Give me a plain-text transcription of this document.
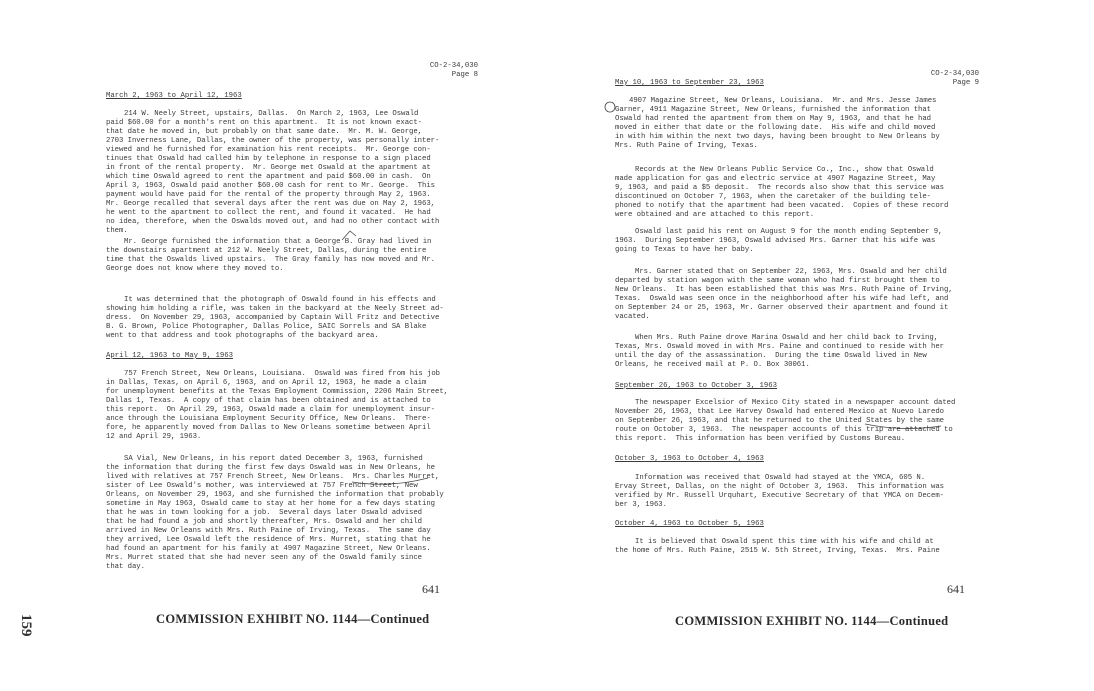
CO-2-34,030
Page 8
March 2, 1963 to April 12, 1963

214 W. Neely Street, upstairs, Dallas.  On March 2, 1963, Lee Oswald
paid $60.00 for a month's rent on this apartment.  It is not known exact-
that date he moved in, but probably on that same date.  Mr. M. W. George,
2703 Inverness Lane, Dallas, the owner of the property, was personally inter-
viewed and he furnished for examination his rent receipts.  Mr. George con-
tinues that Oswald had called him by telephone in response to a sign placed
in front of the rental property.  Mr. George met Oswald at the apartment at
which time Oswald agreed to rent the apartment and paid $60.00 in cash.  On
April 3, 1963, Oswald paid another $60.00 cash for rent to Mr. George.  This
payment would have paid for the rental of the property through May 2, 1963.
Mr. George recalled that several days after the rent was due on May 2, 1963,
he went to the apartment to collect the rent, and found it vacated.  He had
no idea, therefore, when the Oswalds moved out, and had no other contact with
them.

Mr. George furnished the information that a George B. Gray had lived in
the downstairs apartment at 212 W. Neely Street, Dallas, during the entire
time that the Oswalds lived upstairs.  The Gray family has now moved and Mr.
George does not know where they moved to.

It was determined that the photograph of Oswald found in his effects and
showing him holding a rifle, was taken in the backyard at the Neely Street ad-
dress.  On November 29, 1963, accompanied by Captain Will Fritz and Detective
B. G. Brown, Police Photographer, Dallas Police, SAIC Sorrels and SA Blake
went to that address and took photographs of the backyard area.

April 12, 1963 to May 9, 1963

757 French Street, New Orleans, Louisiana.  Oswald was fired from his job
in Dallas, Texas, on April 6, 1963, and on April 12, 1963, he made a claim
for unemployment benefits at the Texas Employment Commission, 2206 Main Street,
Dallas 1, Texas.  A copy of that claim has been obtained and is attached to
this report.  On April 29, 1963, Oswald made a claim for unemployment insur-
ance through the Louisiana Employment Security Office, New Orleans.  There-
fore, he apparently moved from Dallas to New Orleans sometime between April
12 and April 29, 1963.

SA Vial, New Orleans, in his report dated December 3, 1963, furnished
the information that during the first few days Oswald was in New Orleans, he
lived with relatives at 757 French Street, New Orleans.  Mrs. Charles Murret,
sister of Lee Oswald's mother, was interviewed at 757 French Street, New
Orleans, on November 29, 1963, and she furnished the information that probably
sometime in May 1963, Oswald came to stay at her home for a few days stating
that he was in town looking for a job.  Several days later Oswald advised
that he had found a job and shortly thereafter, Mrs. Oswald and her child
arrived in New Orleans with Mrs. Ruth Paine of Irving, Texas.  The same day
they arrived, Lee Oswald left the residence of Mrs. Murret, stating that he
had found an apartment for his family at 4907 Magazine Street, New Orleans.
Mrs. Murret stated that she had never seen any of the Oswald family since
that day.

641
COMMISSION EXHIBIT NO. 1144—Continued
CO-2-34,030
Page 9
May 10, 1963 to September 23, 1963

4907 Magazine Street, New Orleans, Louisiana.  Mr. and Mrs. Jesse James
Garner, 4911 Magazine Street, New Orleans, furnished the information that
Oswald had rented the apartment from them on May 9, 1963, and that he had
moved in either that date or the following date.  His wife and child moved
in with him within the next two days, having been brought to New Orleans by
Mrs. Ruth Paine of Irving, Texas.

Records at the New Orleans Public Service Co., Inc., show that Oswald
made application for gas and electric service at 4907 Magazine Street, May
9, 1963, and paid a $5 deposit.  The records also show that this service was
discontinued on October 7, 1963, when the caretaker of the building tele-
phoned to notify that the apartment had been vacated.  Copies of these record
were obtained and are attached to this report.

Oswald last paid his rent on August 9 for the month ending September 9,
1963.  During September 1963, Oswald advised Mrs. Garner that his wife was
going to Texas to have her baby.

Mrs. Garner stated that on September 22, 1963, Mrs. Oswald and her child
departed by station wagon with the same woman who had first brought them to
New Orleans.  It has been established that this was Mrs. Ruth Paine of Irving,
Texas.  Oswald was seen once in the neighborhood after his wife had left, and
on September 24 or 25, 1963, Mr. Garner observed their apartment and found it
vacated.

When Mrs. Ruth Paine drove Marina Oswald and her child back to Irving,
Texas, Mrs. Oswald moved in with Mrs. Paine and continued to reside with her
until the day of the assassination.  During the time Oswald lived in New
Orleans, he received mail at P. O. Box 30061.

September 26, 1963 to October 3, 1963

The newspaper Excelsior of Mexico City stated in a newspaper account dated
November 26, 1963, that Lee Harvey Oswald had entered Mexico at Nuevo Laredo
on September 26, 1963, and that he returned to the United States by the same
route on October 3, 1963.  The newspaper accounts of this trip are attached to
this report.  This information has been verified by Customs Bureau.

October 3, 1963 to October 4, 1963

Information was received that Oswald had stayed at the YMCA, 605 N.
Ervay Street, Dallas, on the night of October 3, 1963.  This information was
verified by Mr. Russell Urquhart, Executive Secretary of that YMCA on Decem-
ber 3, 1963.

October 4, 1963 to October 5, 1963

It is believed that Oswald spent this time with his wife and child at
the home of Mrs. Ruth Paine, 2515 W. 5th Street, Irving, Texas.  Mrs. Paine

641
COMMISSION EXHIBIT NO. 1144—Continued
159
